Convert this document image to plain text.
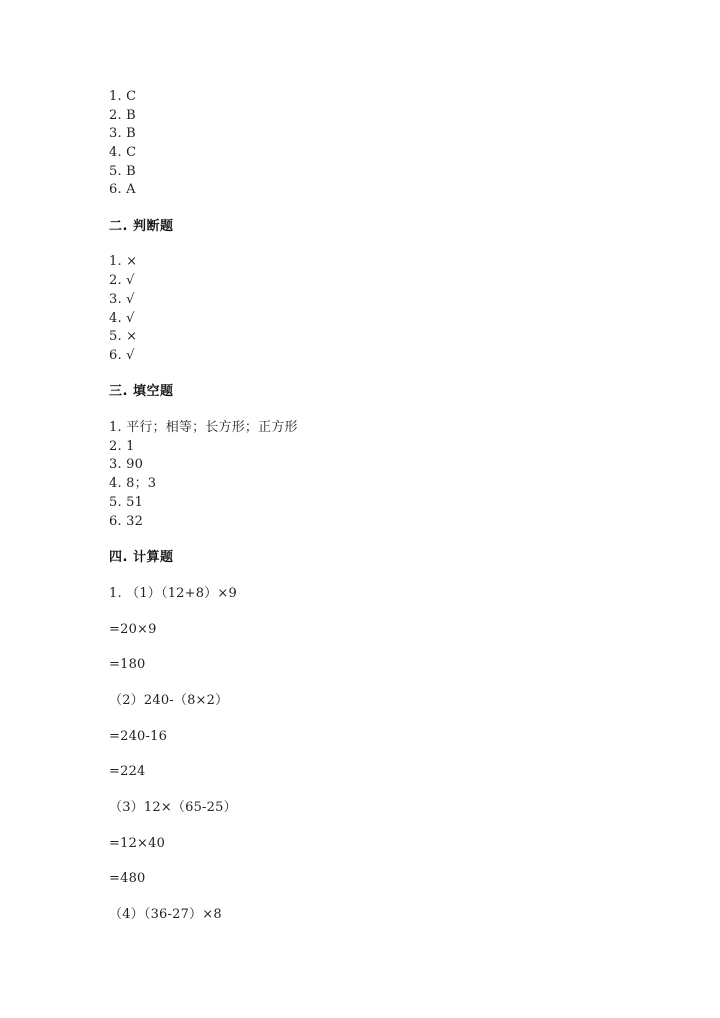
1. C
2. B
3. B
4. C
5. B
6. A
二. 判断题
1. ×
2. √
3. √
4. √
5. ×
6. √
三. 填空题
1. 平行；相等；长方形；正方形
2. 1
3. 90
4. 8；3
5. 51
6. 32
四. 计算题
1. （1）（12+8）×9
=20×9
=180
（2）240-（8×2）
=240-16
=224
（3）12×（65-25）
=12×40
=480
（4）（36-27）×8
